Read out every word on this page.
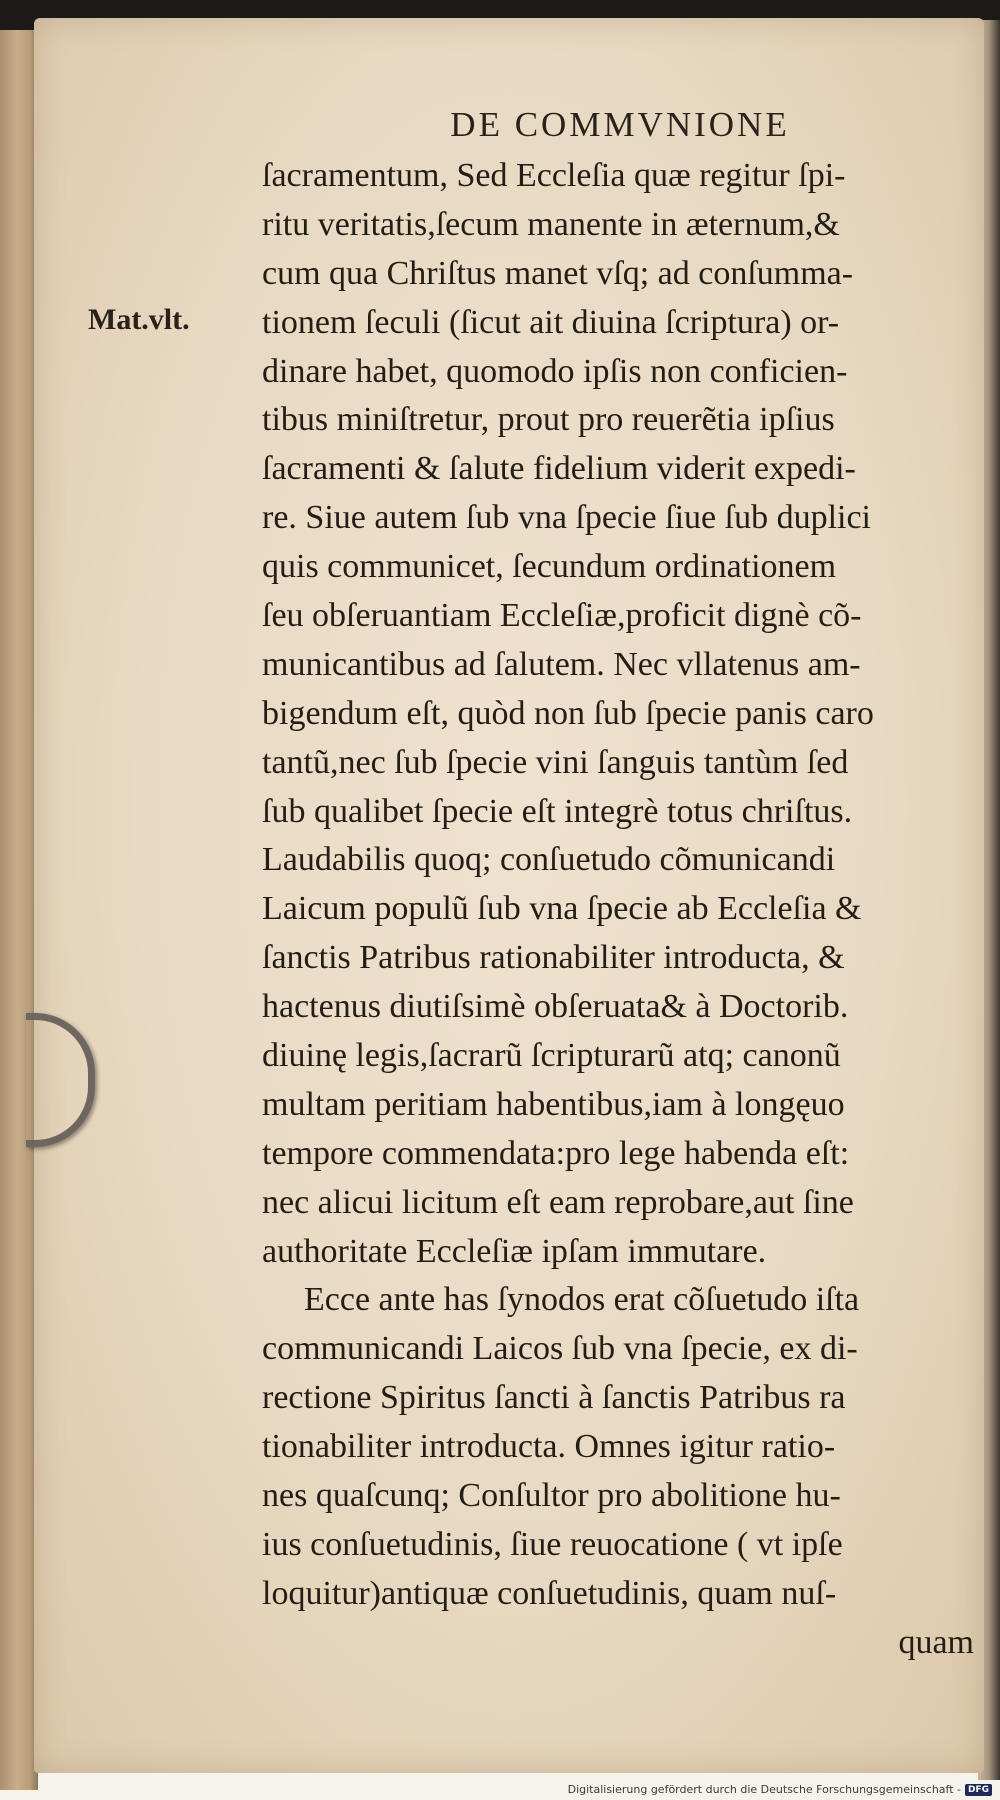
DE COMMVNIONE
Mat.vlt.
ſacramentum, Sed Eccleſia quæ regitur ſpi-
ritu veritatis,ſecum manente in æternum,&
cum qua Chriſtus manet vſq; ad conſumma-
tionem ſeculi (ſicut ait diuina ſcriptura) or-
dinare habet, quomodo ipſis non conficien-
tibus miniſtretur, prout pro reuerẽtia ipſius
ſacramenti & ſalute fidelium viderit expedi-
re. Siue autem ſub vna ſpecie ſiue ſub duplici
quis communicet, ſecundum ordinationem
ſeu obſeruantiam Eccleſiæ,proficit dignè cõ-
municantibus ad ſalutem. Nec vllatenus am-
bigendum eſt, quòd non ſub ſpecie panis caro
tantũ,nec ſub ſpecie vini ſanguis tantùm ſed
ſub qualibet ſpecie eſt integrè totus chriſtus.
Laudabilis quoq; conſuetudo cõmunicandi
Laicum populũ ſub vna ſpecie ab Eccleſia &
ſanctis Patribus rationabiliter introducta, &
hactenus diutiſsimè obſeruata& à Doctorib.
diuinę legis,ſacrarũ ſcripturarũ atq; canonũ
multam peritiam habentibus,iam à longęuo
tempore commendata:pro lege habenda eſt:
nec alicui licitum eſt eam reprobare,aut ſine
authoritate Eccleſiæ ipſam immutare.
Ecce ante has ſynodos erat cõſuetudo iſta
communicandi Laicos ſub vna ſpecie, ex di-
rectione Spiritus ſancti à ſanctis Patribus ra
tionabiliter introducta. Omnes igitur ratio-
nes quaſcunq; Conſultor pro abolitione hu-
ius conſuetudinis, ſiue reuocatione ( vt ipſe
loquitur)antiquæ conſuetudinis, quam nuſ-
quam
Digitalisierung gefördert durch die Deutsche Forschungsgemeinschaft - DFG
